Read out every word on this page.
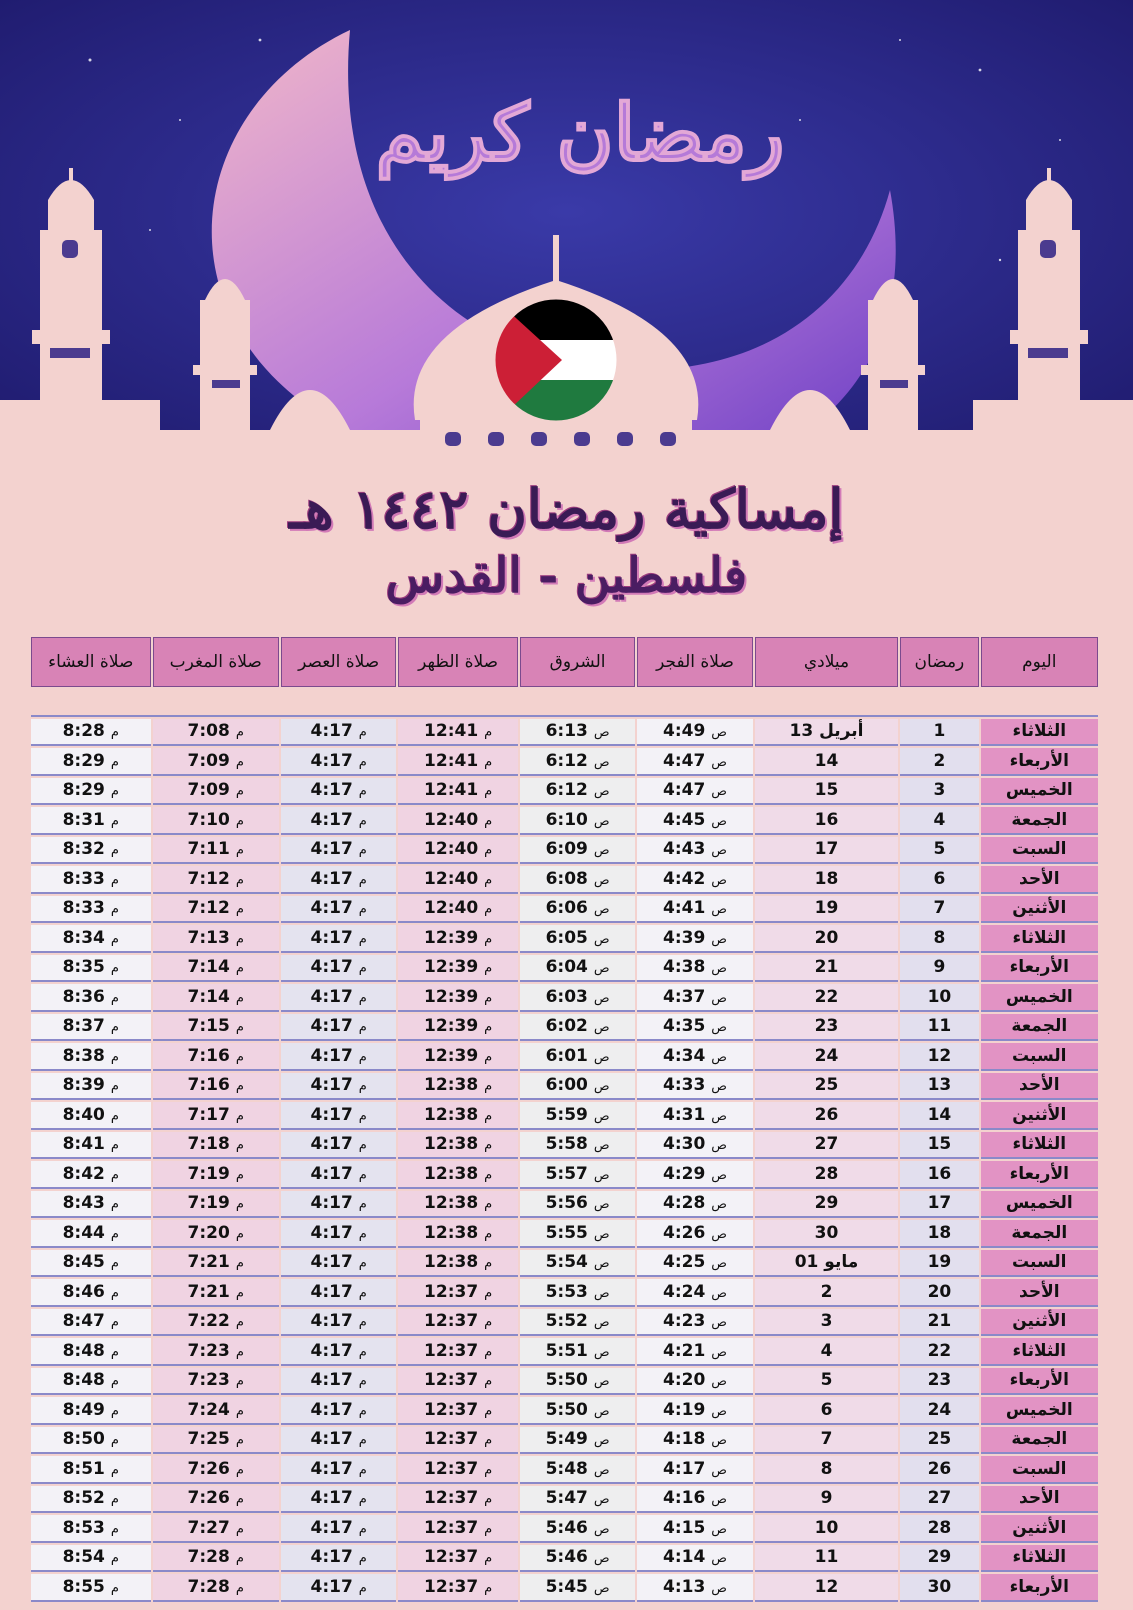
رمضان كريم
إمساكية رمضان ١٤٤٢ هـ
فلسطين - القدس
اليوم	رمضان	ميلادي	صلاة الفجر	الشروق	صلاة الظهر	صلاة العصر	صلاة المغرب	صلاة العشاء

الثلاثاء	1	أبريل 13	ص4:49	ص6:13	م12:41	م4:17	م7:08	م8:28
الأربعاء	2	14	ص4:47	ص6:12	م12:41	م4:17	م7:09	م8:29
الخميس	3	15	ص4:47	ص6:12	م12:41	م4:17	م7:09	م8:29
الجمعة	4	16	ص4:45	ص6:10	م12:40	م4:17	م7:10	م8:31
السبت	5	17	ص4:43	ص6:09	م12:40	م4:17	م7:11	م8:32
الأحد	6	18	ص4:42	ص6:08	م12:40	م4:17	م7:12	م8:33
الأثنين	7	19	ص4:41	ص6:06	م12:40	م4:17	م7:12	م8:33
الثلاثاء	8	20	ص4:39	ص6:05	م12:39	م4:17	م7:13	م8:34
الأربعاء	9	21	ص4:38	ص6:04	م12:39	م4:17	م7:14	م8:35
الخميس	10	22	ص4:37	ص6:03	م12:39	م4:17	م7:14	م8:36
الجمعة	11	23	ص4:35	ص6:02	م12:39	م4:17	م7:15	م8:37
السبت	12	24	ص4:34	ص6:01	م12:39	م4:17	م7:16	م8:38
الأحد	13	25	ص4:33	ص6:00	م12:38	م4:17	م7:16	م8:39
الأثنين	14	26	ص4:31	ص5:59	م12:38	م4:17	م7:17	م8:40
الثلاثاء	15	27	ص4:30	ص5:58	م12:38	م4:17	م7:18	م8:41
الأربعاء	16	28	ص4:29	ص5:57	م12:38	م4:17	م7:19	م8:42
الخميس	17	29	ص4:28	ص5:56	م12:38	م4:17	م7:19	م8:43
الجمعة	18	30	ص4:26	ص5:55	م12:38	م4:17	م7:20	م8:44
السبت	19	مايو 01	ص4:25	ص5:54	م12:38	م4:17	م7:21	م8:45
الأحد	20	2	ص4:24	ص5:53	م12:37	م4:17	م7:21	م8:46
الأثنين	21	3	ص4:23	ص5:52	م12:37	م4:17	م7:22	م8:47
الثلاثاء	22	4	ص4:21	ص5:51	م12:37	م4:17	م7:23	م8:48
الأربعاء	23	5	ص4:20	ص5:50	م12:37	م4:17	م7:23	م8:48
الخميس	24	6	ص4:19	ص5:50	م12:37	م4:17	م7:24	م8:49
الجمعة	25	7	ص4:18	ص5:49	م12:37	م4:17	م7:25	م8:50
السبت	26	8	ص4:17	ص5:48	م12:37	م4:17	م7:26	م8:51
الأحد	27	9	ص4:16	ص5:47	م12:37	م4:17	م7:26	م8:52
الأثنين	28	10	ص4:15	ص5:46	م12:37	م4:17	م7:27	م8:53
الثلاثاء	29	11	ص4:14	ص5:46	م12:37	م4:17	م7:28	م8:54
الأربعاء	30	12	ص4:13	ص5:45	م12:37	م4:17	م7:28	م8:55
